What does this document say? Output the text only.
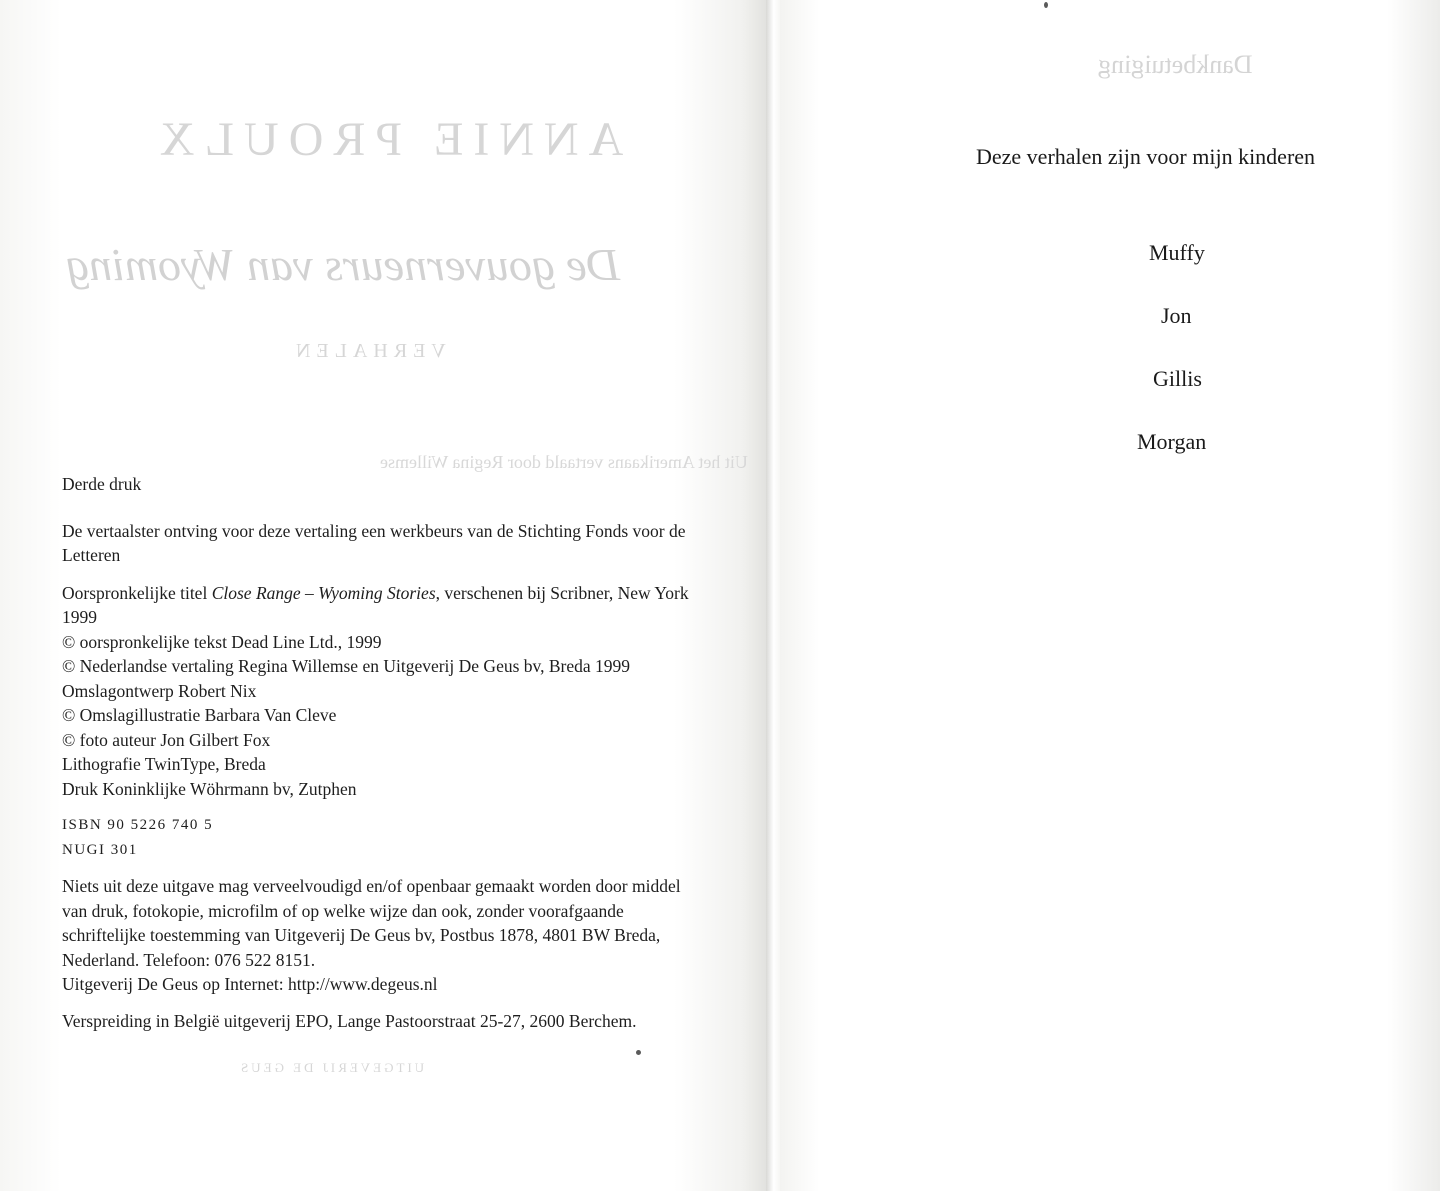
ANNIE PROULX
De gouverneurs van Wyoming
VERHALEN
Uit het Amerikaans vertaald door Regina Willemse
UITGEVERIJ DE GEUS

Derde druk

De vertaalster ontving voor deze vertaling een werkbeurs van de Stichting Fonds voor de Letteren

Oorspronkelijke titel Close Range – Wyoming Stories, verschenen bij Scribner, New York 1999

© oorspronkelijke tekst Dead Line Ltd., 1999

© Nederlandse vertaling Regina Willemse en Uitgeverij De Geus bv, Breda 1999

Omslagontwerp Robert Nix

© Omslagillustratie Barbara Van Cleve

© foto auteur Jon Gilbert Fox

Lithografie TwinType, Breda

Druk Koninklijke Wöhrmann bv, Zutphen

ISBN 90 5226 740 5

NUGI 301

Niets uit deze uitgave mag verveelvoudigd en/of openbaar gemaakt worden door middel van druk, fotokopie, microfilm of op welke wijze dan ook, zonder voorafgaande schriftelijke toestemming van Uitgeverij De Geus bv, Postbus 1878, 4801 BW Breda, Nederland. Telefoon: 076 522 8151.

Uitgeverij De Geus op Internet: http://www.degeus.nl

Verspreiding in België uitgeverij EPO, Lange Pastoorstraat 25-27, 2600 Berchem.

Dankbetuiging
Deze verhalen zijn voor mijn kinderen
Muffy
Jon
Gillis
Morgan
